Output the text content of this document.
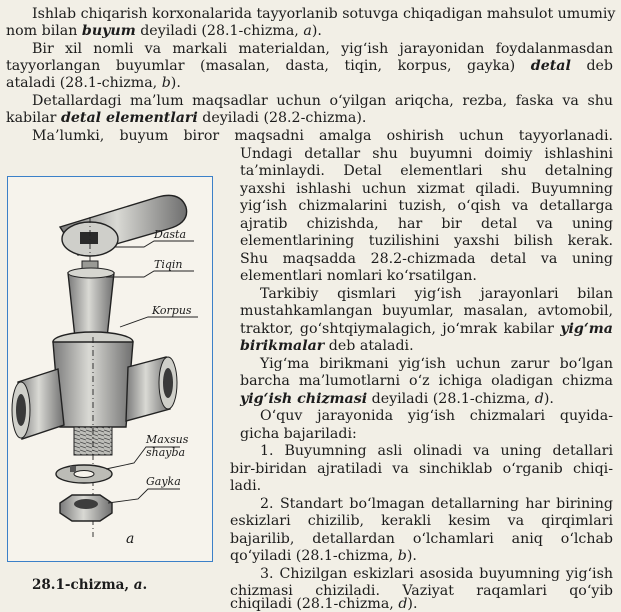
Ishlab chiqarish korxonalarida tayyorlanib sotuvga chiqadigan mahsulot umumiy
nom bilan buyum deyiladi (28.1-chizma, a).
Bir xil nomli va markali materialdan, yig‘ish jarayonidan foydalanmasdan
tayyorlangan buyumlar (masalan, dasta, tiqin, korpus, gayka) detal deb
ataladi (28.1-chizma, b).
Detallardagi ma’lum maqsadlar uchun o‘yilgan ariqcha, rezba, faska va shu
kabilar detal elementlari deyiladi (28.2-chizma).
Ma’lumki, buyum biror maqsadni amalga oshirish uchun tayyorlanadi.
Undagi detallar shu buyumni doimiy ishlashini
ta’minlaydi. Detal elementlari shu detalning
yaxshi ishlashi uchun xizmat qiladi. Buyumning
yig‘ish chizmalarini tuzish, o‘qish va detallarga
ajratib chizishda, har bir detal va uning
elementlarining tuzilishini yaxshi bilish kerak.
Shu maqsadda 28.2-chizmada detal va uning
elementlari nomlari ko‘rsatilgan.
Tarkibiy qismlari yig‘ish jarayonlari bilan
mustahkamlangan buyumlar, masalan, avtomobil,
traktor, go‘shtqiymalagich, jo‘mrak kabilar yig‘ma
birikmalar deb ataladi.
Yig‘ma birikmani yig‘ish uchun zarur bo‘lgan
barcha ma’lumotlarni o‘z ichiga oladigan chizma
yig‘ish chizmasi deyiladi (28.1-chizma, d).
O‘quv jarayonida yig‘ish chizmalari quyida-
gicha bajariladi:
1. Buyumning asli olinadi va uning detallari
bir-biridan ajratiladi va sinchiklab o‘rganib chiqi-
ladi.
2. Standart bo‘lmagan detallarning har birining
eskizlari chizilib, kerakli kesim va qirqimlari
bajarilib, detallardan o‘lchamlari aniq o‘lchab
qo‘yiladi (28.1-chizma, b).
3. Chizilgan eskizlari asosida buyumning yig‘ish
chizmasi chiziladi. Vaziyat raqamlari qo‘yib
chiqiladi (28.1-chizma, d).
Dasta
Tiqin
Korpus
Maxsus
shayba
Gayka
a
28.1-chizma, a.
